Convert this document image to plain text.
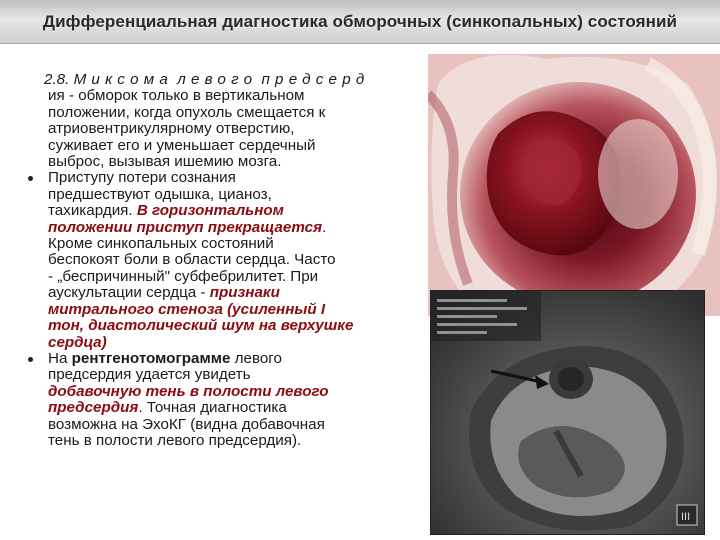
Дифференциальная диагностика обморочных (синкопальных) состояний
III
2.8. Миксома левого предсерд
ия - обморок только в вертикальном
положении, когда опухоль смещается к
атриовентрикулярному отверстию,
суживает его и уменьшает сердечный
выброс, вызывая ишемию мозга.
Приступу потери сознания
предшествуют одышка, цианоз,
тахикардия. В горизонтальном
положении приступ прекращается.
Кроме синкопальных состояний
беспокоят боли в области сердца. Часто
- „беспричинный" субфебрилитет. При
аускультации сердца - признаки
митрального стеноза (усиленный I
тон, диастолический шум на верхушке
сердца)
На рентгенотомограмме левого
предсердия удается увидеть
добавочную тень в полости левого
предсердия. Точная диагностика
возможна на ЭхоКГ (видна добавочная
тень в полости левого предсердия).
